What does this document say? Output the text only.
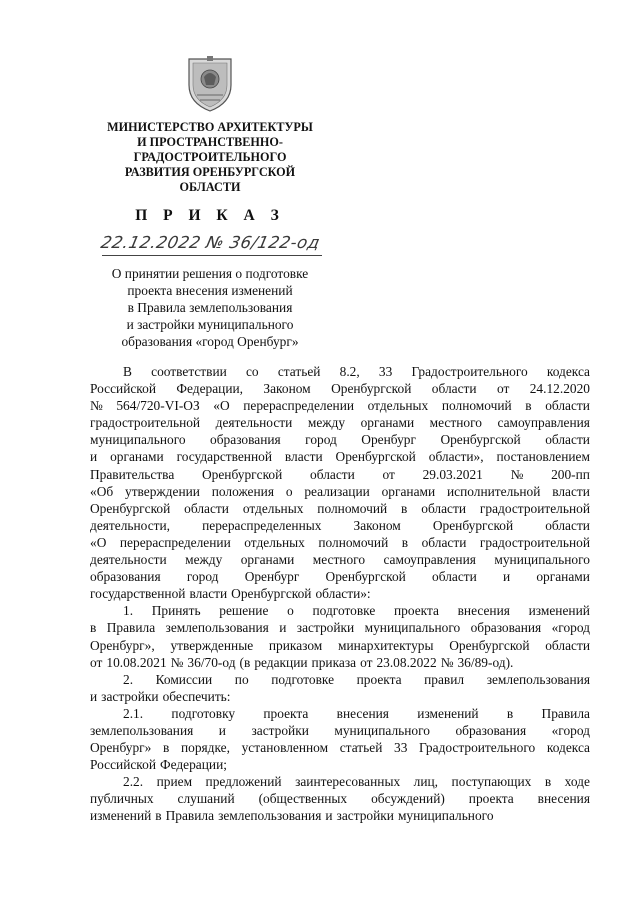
МИНИСТЕРСТВО АРХИТЕКТУРЫ
И ПРОСТРАНСТВЕННО-
ГРАДОСТРОИТЕЛЬНОГО
РАЗВИТИЯ ОРЕНБУРГСКОЙ
ОБЛАСТИ
П Р И К А З
22.12.2022 № 36/122-од
О принятии решения о подготовке
проекта внесения изменений
в Правила землепользования
и застройки муниципального
образования «город Оренбург»
В соответствии со статьей 8.2, 33 Градостроительного кодекса
Российской Федерации, Законом Оренбургской области от 24.12.2020
№ 564/720-VI-ОЗ «О перераспределении отдельных полномочий в области
градостроительной деятельности между органами местного самоуправления
муниципального образования город Оренбург Оренбургской области
и органами государственной власти Оренбургской области», постановлением
Правительства Оренбургской области от 29.03.2021 № 200-пп
«Об утверждении положения о реализации органами исполнительной власти
Оренбургской области отдельных полномочий в области градостроительной
деятельности, перераспределенных Законом Оренбургской области
«О перераспределении отдельных полномочий в области градостроительной
деятельности между органами местного самоуправления муниципального
образования город Оренбург Оренбургской области и органами
государственной власти Оренбургской области»:
1. Принять решение о подготовке проекта внесения изменений
в Правила землепользования и застройки муниципального образования «город
Оренбург», утвержденные приказом минархитектуры Оренбургской области
от 10.08.2021 № 36/70-од (в редакции приказа от 23.08.2022 № 36/89-од).
2. Комиссии по подготовке проекта правил землепользования
и застройки обеспечить:
2.1. подготовку проекта внесения изменений в Правила
землепользования и застройки муниципального образования «город
Оренбург» в порядке, установленном статьей 33 Градостроительного кодекса
Российской Федерации;
2.2. прием предложений заинтересованных лиц, поступающих в ходе
публичных слушаний (общественных обсуждений) проекта внесения
изменений в Правила землепользования и застройки муниципального
